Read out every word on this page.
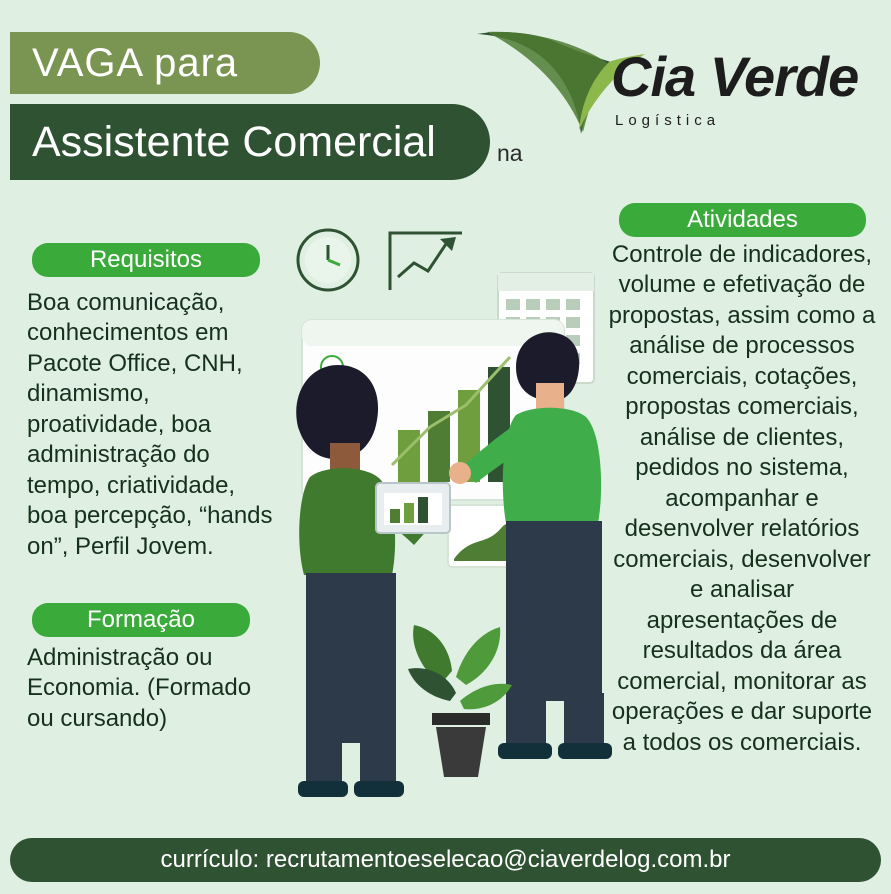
VAGA para
Assistente Comercial	na
Cia Verde
Logística
Requisitos
Formação
Atividades
Boa comunicação, conhecimentos em Pacote Office, CNH, dinamismo, proatividade, boa administração do tempo, criatividade, boa percepção, “hands on”, Perfil Jovem.
Administração ou Economia. (Formado ou cursando)
Controle de indicadores, volume e efetivação de propostas, assim como a análise de processos comerciais, cotações, propostas comerciais, análise de clientes, pedidos no sistema, acompanhar e desenvolver relatórios comerciais, desenvolver e analisar apresentações de resultados da área comercial, monitorar as operações e dar suporte a todos os comerciais.
currículo: recrutamentoeselecao@ciaverdelog.com.br
